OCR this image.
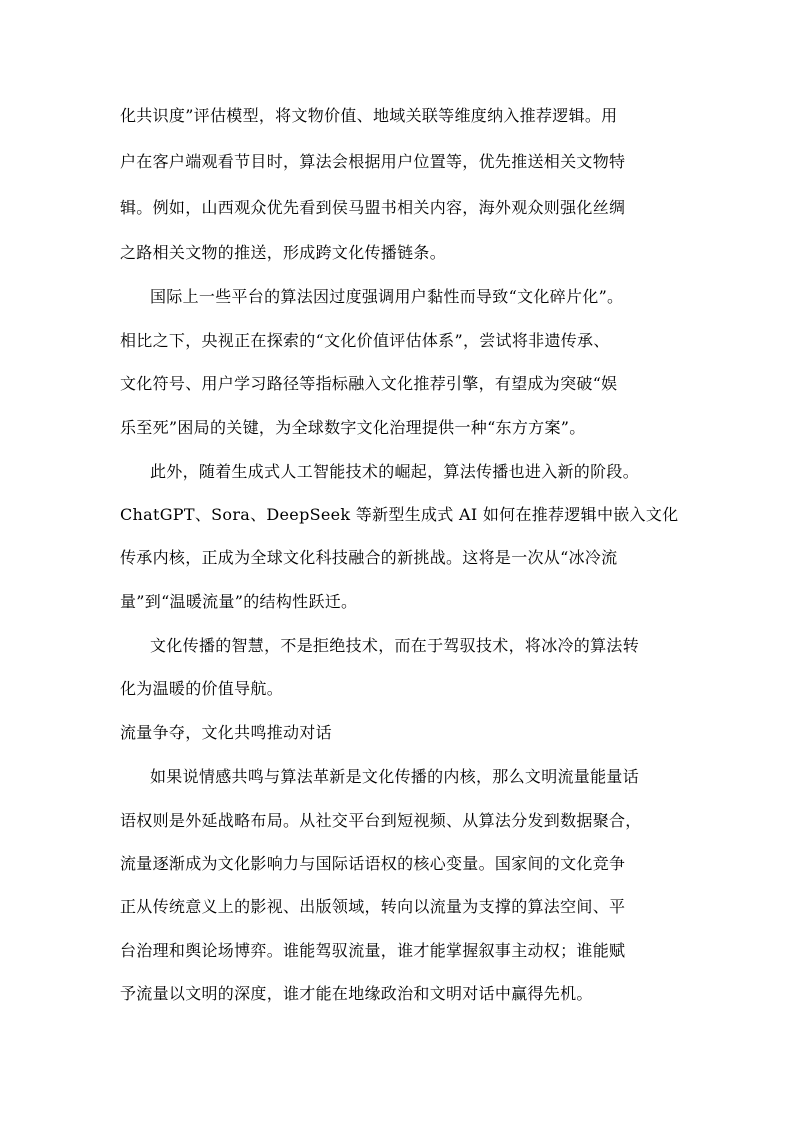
化共识度”评估模型，将文物价值、地域关联等维度纳入推荐逻辑。用
户在客户端观看节目时，算法会根据用户位置等，优先推送相关文物特
辑。例如，山西观众优先看到侯马盟书相关内容，海外观众则强化丝绸
之路相关文物的推送，形成跨文化传播链条。
国际上一些平台的算法因过度强调用户黏性而导致“文化碎片化”。
相比之下，央视正在探索的“文化价值评估体系”，尝试将非遗传承、
文化符号、用户学习路径等指标融入文化推荐引擎，有望成为突破“娱
乐至死”困局的关键，为全球数字文化治理提供一种“东方方案”。
此外，随着生成式人工智能技术的崛起，算法传播也进入新的阶段。
ChatGPT、Sora、DeepSeek 等新型生成式 AI 如何在推荐逻辑中嵌入文化
传承内核，正成为全球文化科技融合的新挑战。这将是一次从“冰冷流
量”到“温暖流量”的结构性跃迁。
文化传播的智慧，不是拒绝技术，而在于驾驭技术，将冰冷的算法转
化为温暖的价值导航。
流量争夺，文化共鸣推动对话
如果说情感共鸣与算法革新是文化传播的内核，那么文明流量能量话
语权则是外延战略布局。从社交平台到短视频、从算法分发到数据聚合，
流量逐渐成为文化影响力与国际话语权的核心变量。国家间的文化竞争
正从传统意义上的影视、出版领域，转向以流量为支撑的算法空间、平
台治理和舆论场博弈。谁能驾驭流量，谁才能掌握叙事主动权；谁能赋
予流量以文明的深度，谁才能在地缘政治和文明对话中赢得先机。
